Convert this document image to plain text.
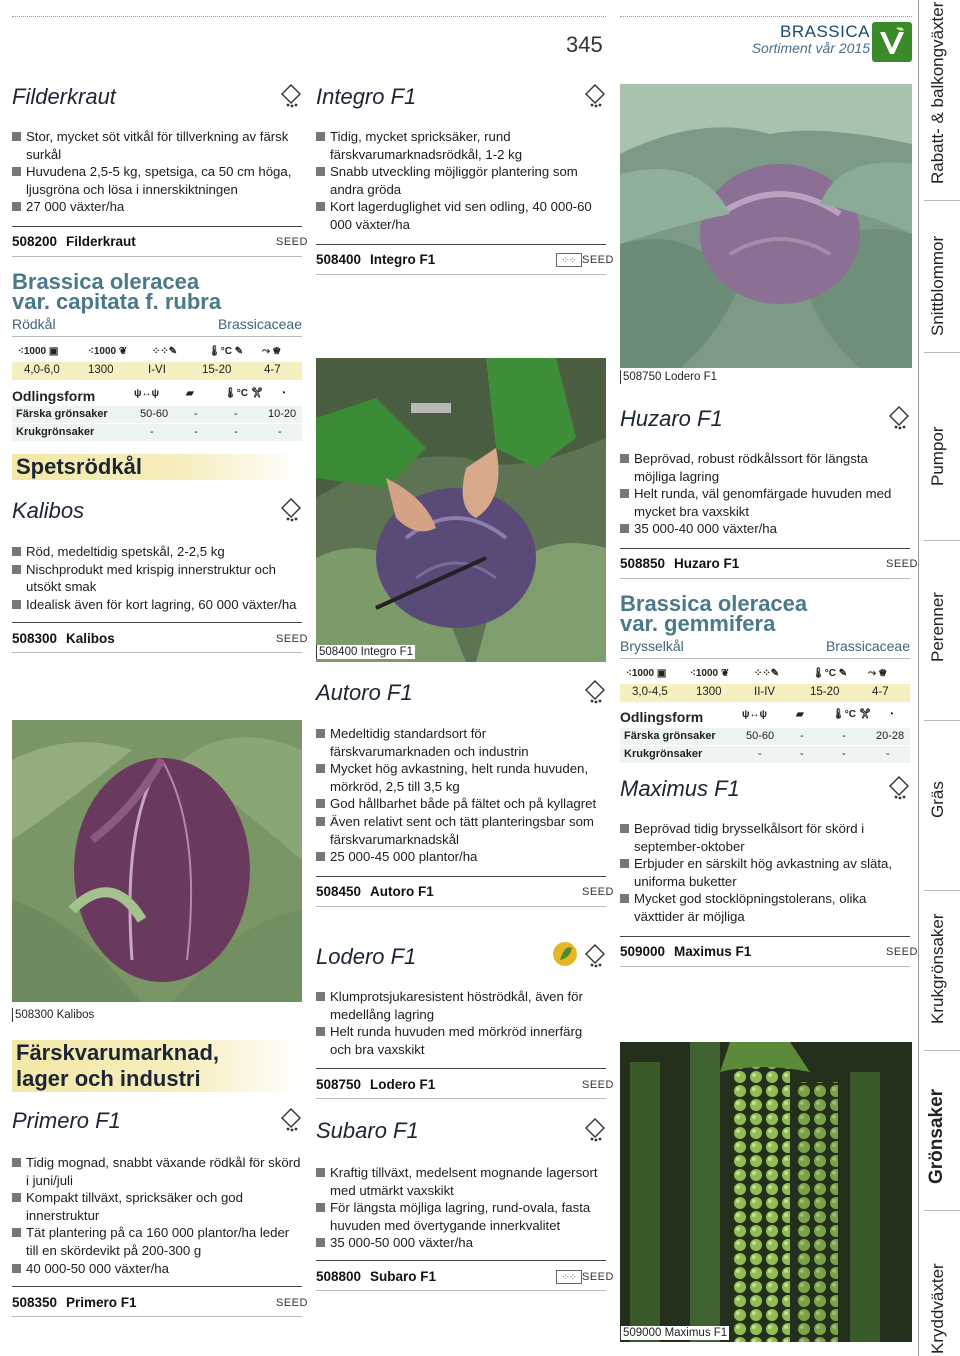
345
BRASSICA
Sortiment vår 2015
Filderkraut
Stor, mycket söt vitkål för tillverkning av färsk surkål
Huvudena 2,5-5 kg, spetsiga, ca 50 cm höga, ljusgröna och lösa i innerskiktningen
27 000 växter/ha
508200 Filderkraut	SEED
Brassica oleracea
var. capitata f. rubra
Rödkål	Brassicaceae
⁖1000 ▣	⁖1000 ❦ ⁘⁘✎	🌡°C ✎ ⤳ ♛
4,0-6,0 1300	I-VI	15-20	4-7
Odlingsform	ψ↔ψ	▰	🌡°C ✂ ◔
Färska grönsaker	50-60 -	-	10-20
Krukgrönsaker	-	-	-	-
Spetsrödkål
Kalibos
Röd, medeltidig spetskål, 2-2,5 kg
Nischprodukt med krispig innerstruktur och utsökt smak
Idealisk även för kort lagring, 60 000 växter/ha
508300 Kalibos	SEED
508300 Kalibos
Färskvarumarknad,
lager och industri
Primero F1
Tidig mognad, snabbt växande rödkål för skörd i juni/juli
Kompakt tillväxt, spricksäker och god innerstruktur
Tät plantering på ca 160 000 plantor/ha leder till en skördevikt på 200-300 g
40 000-50 000 växter/ha
508350 Primero F1	SEED
Integro F1
Tidig, mycket spricksäker, rund färskvarumarknadsrödkål, 1-2 kg
Snabb utveckling möjliggör plantering som andra gröda
Kort lagerduglighet vid sen odling, 40 000-60 000 växter/ha
508400 Integro F1	⁘⁘ SEED
508400 Integro F1
Autoro F1
Medeltidig standardsort för färskvarumarknaden och industrin
Mycket hög avkastning, helt runda huvuden, mörkröd, 2,5 till 3,5 kg
God hållbarhet både på fältet och på kyllagret
Även relativt sent och tätt planteringsbar som färskvarumarknadskål
25 000-45 000 plantor/ha
508450 Autoro F1	SEED
Lodero F1
Klumprotsjukaresistent höströdkål, även för medellång lagring
Helt runda huvuden med mörkröd innerfärg och bra vaxskikt
508750 Lodero F1	SEED
Subaro F1
Kraftig tillväxt, medelsent mognande lagersort med utmärkt vaxskikt
För längsta möjliga lagring, rund-ovala, fasta huvuden med övertygande innerkvalitet
35 000-50 000 växter/ha
508800 Subaro F1	⁘⁘ SEED
508750 Lodero F1
Huzaro F1
Beprövad, robust rödkålssort för längsta möjliga lagring
Helt runda, väl genomfärgade huvuden med mycket bra vaxskikt
35 000-40 000 växter/ha
508850 Huzaro F1	SEED
Brassica oleracea
var. gemmifera
Brysselkål	Brassicaceae
⁖1000 ▣ ⁖1000 ❦ ⁘⁘✎	🌡°C ✎ ⤳ ♛
3,0-4,5 1300	II-IV	15-20	4-7
Odlingsform	ψ↔ψ	▰	🌡°C ✂ ◔
Färska grönsaker	50-60 -	-	20-28
Krukgrönsaker	-	-	-	-
Maximus F1
Beprövad tidig brysselkålsort för skörd i september-oktober
Erbjuder en särskilt hög avkastning av släta, uniforma buketter
Mycket god stocklöpningstolerans, olika växttider är möjliga
509000 Maximus F1	SEED
509000 Maximus F1
Rabatt- & balkongväxter
Snittblommor
Pumpor
Perenner
Gräs
Krukgrönsaker
Grönsaker
Kryddväxter
